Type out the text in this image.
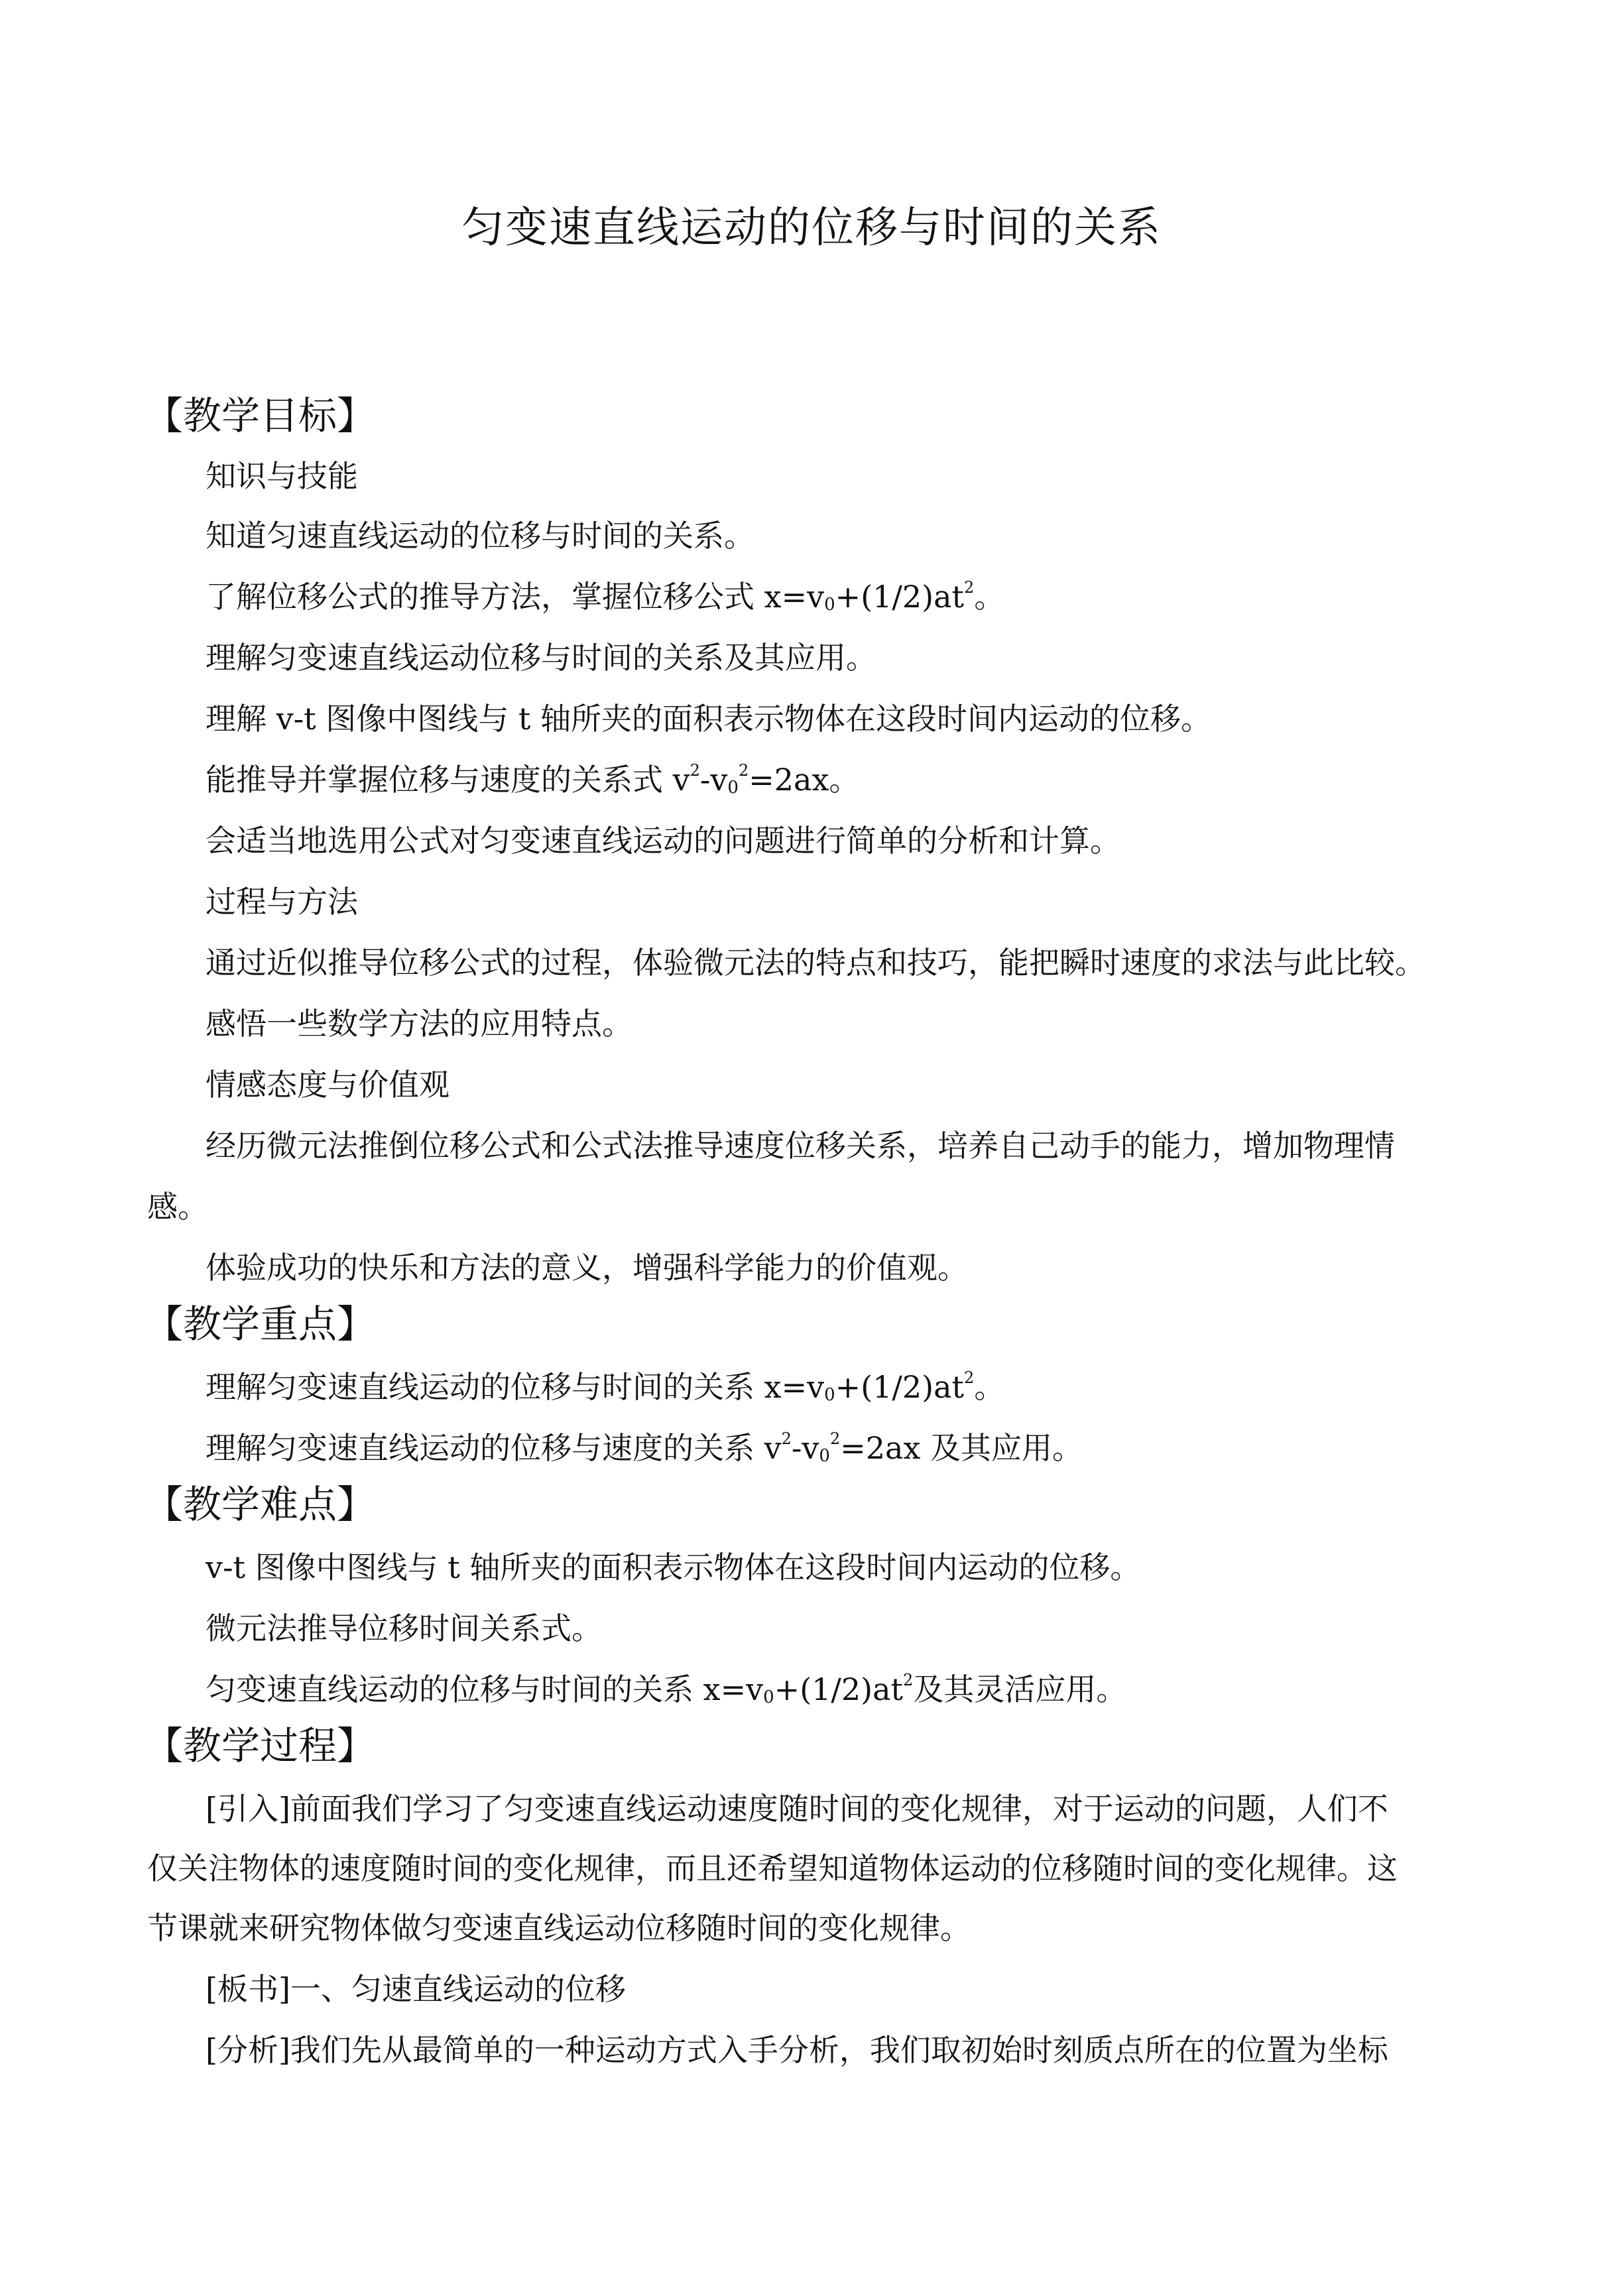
匀变速直线运动的位移与时间的关系
【教学目标】

知识与技能

知道匀速直线运动的位移与时间的关系。

了解位移公式的推导方法，掌握位移公式 $x=v_0+(1/2)at^2$。

理解匀变速直线运动位移与时间的关系及其应用。

理解 v-t 图像中图线与 t 轴所夹的面积表示物体在这段时间内运动的位移。

能推导并掌握位移与速度的关系式 $v^2-v_0^2=2ax$。

会适当地选用公式对匀变速直线运动的问题进行简单的分析和计算。

过程与方法

通过近似推导位移公式的过程，体验微元法的特点和技巧，能把瞬时速度的求法与此比较。

感悟一些数学方法的应用特点。

情感态度与价值观

经历微元法推倒位移公式和公式法推导速度位移关系，培养自己动手的能力，增加物理情

感。

体验成功的快乐和方法的意义，增强科学能力的价值观。

【教学重点】

理解匀变速直线运动的位移与时间的关系 $x=v_0+(1/2)at^2$。

理解匀变速直线运动的位移与速度的关系 $v^2-v_0^2=2ax$ 及其应用。

【教学难点】

v-t 图像中图线与 t 轴所夹的面积表示物体在这段时间内运动的位移。

微元法推导位移时间关系式。

匀变速直线运动的位移与时间的关系 $x=v_0+(1/2)at^2$及其灵活应用。

【教学过程】

[引入]前面我们学习了匀变速直线运动速度随时间的变化规律，对于运动的问题，人们不

仅关注物体的速度随时间的变化规律，而且还希望知道物体运动的位移随时间的变化规律。这

节课就来研究物体做匀变速直线运动位移随时间的变化规律。

[板书]一、匀速直线运动的位移

[分析]我们先从最简单的一种运动方式入手分析，我们取初始时刻质点所在的位置为坐标
